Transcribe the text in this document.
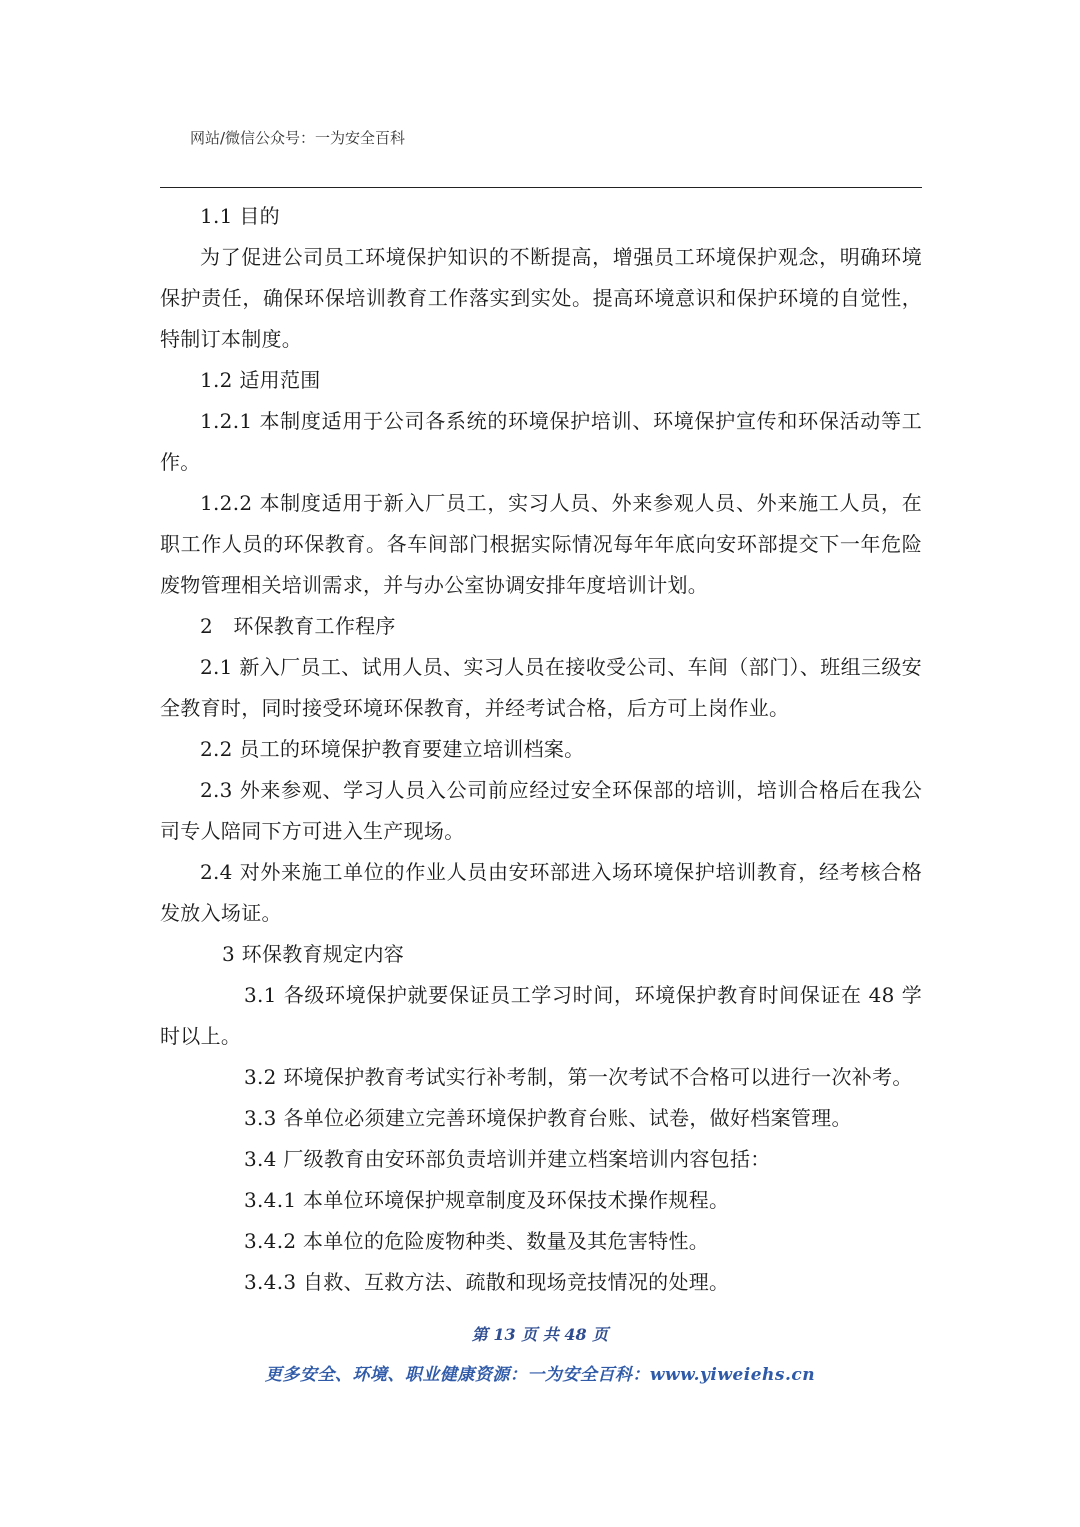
网站/微信公众号：一为安全百科

1.1 目的

为了促进公司员工环境保护知识的不断提高，增强员工环境保护观念，明确环境保护责任，确保环保培训教育工作落实到实处。提高环境意识和保护环境的自觉性，特制订本制度。

1.2 适用范围

1.2.1 本制度适用于公司各系统的环境保护培训、环境保护宣传和环保活动等工作。

1.2.2 本制度适用于新入厂员工，实习人员、外来参观人员、外来施工人员，在职工作人员的环保教育。各车间部门根据实际情况每年年底向安环部提交下一年危险废物管理相关培训需求，并与办公室协调安排年度培训计划。

2　环保教育工作程序

2.1 新入厂员工、试用人员、实习人员在接收受公司、车间（部门）、班组三级安全教育时，同时接受环境环保教育，并经考试合格，后方可上岗作业。

2.2 员工的环境保护教育要建立培训档案。

2.3 外来参观、学习人员入公司前应经过安全环保部的培训，培训合格后在我公司专人陪同下方可进入生产现场。

2.4 对外来施工单位的作业人员由安环部进入场环境保护培训教育，经考核合格发放入场证。

3 环保教育规定内容

3.1 各级环境保护就要保证员工学习时间，环境保护教育时间保证在 48 学时以上。

3.2 环境保护教育考试实行补考制，第一次考试不合格可以进行一次补考。

3.3 各单位必须建立完善环境保护教育台账、试卷，做好档案管理。

3.4 厂级教育由安环部负责培训并建立档案培训内容包括：

3.4.1 本单位环境保护规章制度及环保技术操作规程。

3.4.2 本单位的危险废物种类、数量及其危害特性。

3.4.3 自救、互救方法、疏散和现场竞技情况的处理。

第 13 页 共 48 页
更多安全、环境、职业健康资源：一为安全百科：www.yiweiehs.cn
